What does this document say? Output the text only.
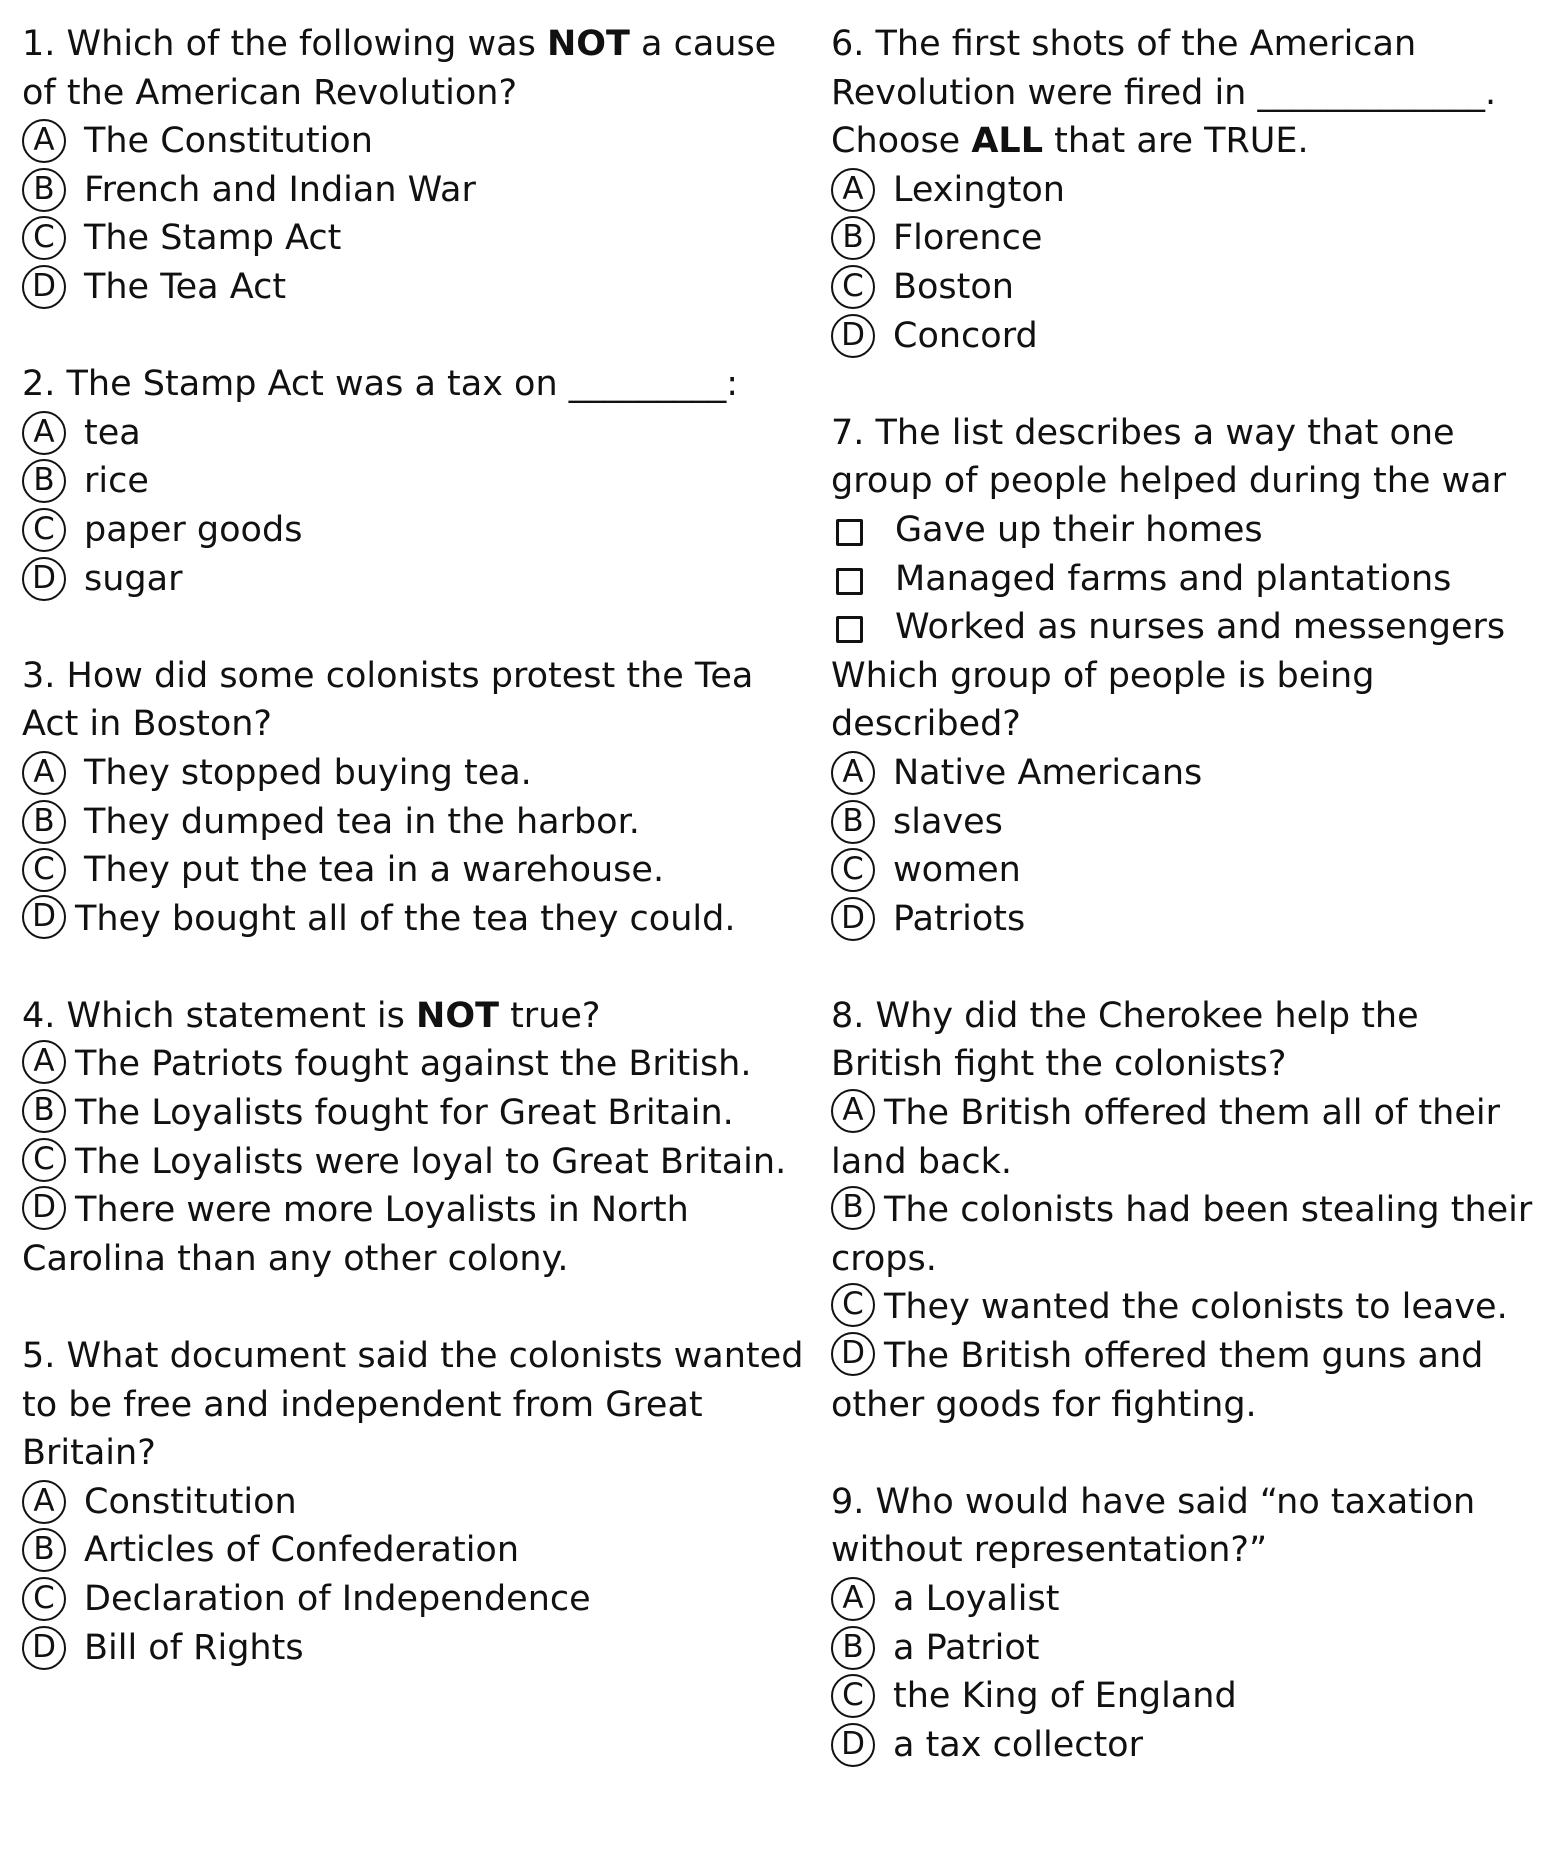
1. Which of the following was NOT a cause of the American Revolution?
A The Constitution
B French and Indian War
C The Stamp Act
D The Tea Act
2. The Stamp Act was a tax on _________:
A tea
B rice
C paper goods
D sugar
3. How did some colonists protest the Tea Act in Boston?
A They stopped buying tea.
B They dumped tea in the harbor.
C They put the tea in a warehouse.
D They bought all of the tea they could.
4. Which statement is NOT true?
A The Patriots fought against the British.
B The Loyalists fought for Great Britain.
C The Loyalists were loyal to Great Britain.
D There were more Loyalists in North Carolina than any other colony.
5. What document said the colonists wanted to be free and independent from Great Britain?
A Constitution
B Articles of Confederation
C Declaration of Independence
D Bill of Rights
6. The first shots of the American Revolution were fired in _____________.
Choose ALL that are TRUE.
A Lexington
B Florence
C Boston
D Concord
7. The list describes a way that one group of people helped during the war
Gave up their homes
Managed farms and plantations
Worked as nurses and messengers
Which group of people is being described?
A Native Americans
B slaves
C women
D Patriots
8. Why did the Cherokee help the British fight the colonists?
A The British offered them all of their land back.
B The colonists had been stealing their crops.
C They wanted the colonists to leave.
D The British offered them guns and other goods for fighting.
9. Who would have said “no taxation without representation?”
A a Loyalist
B a Patriot
C the King of England
D a tax collector
